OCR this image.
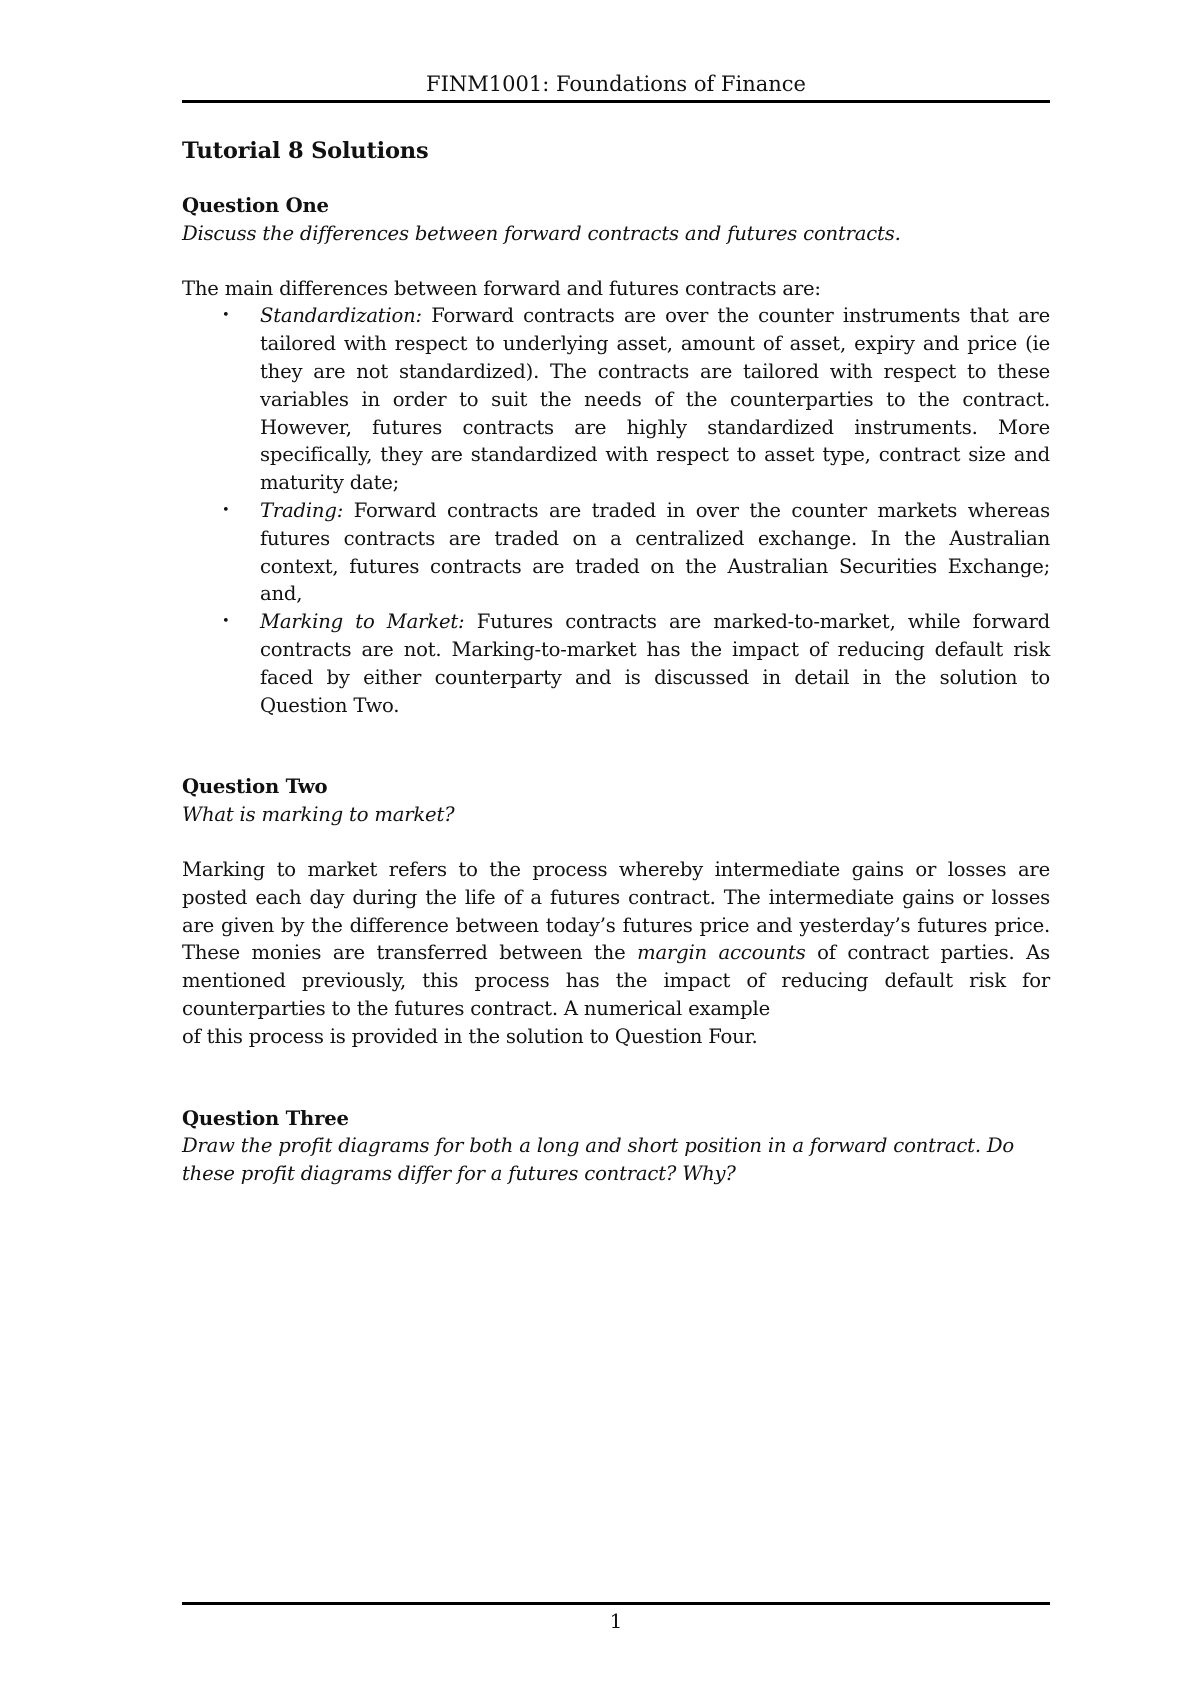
FINM1001: Foundations of Finance
Tutorial 8 Solutions

Question One

Discuss the differences between forward contracts and futures contracts.

The main differences between forward and futures contracts are:

• Standardization: Forward contracts are over the counter instruments that are tailored with respect to underlying asset, amount of asset, expiry and price (ie they are not standardized). The contracts are tailored with respect to these variables in order to suit the needs of the counterparties to the contract. However, futures contracts are highly standardized instruments. More specifically, they are standardized with respect to asset type, contract size and maturity date;
• Trading: Forward contracts are traded in over the counter markets whereas futures contracts are traded on a centralized exchange. In the Australian context, futures contracts are traded on the Australian Securities Exchange; and,
• Marking to Market: Futures contracts are marked-to-market, while forward contracts are not. Marking-to-market has the impact of reducing default risk faced by either counterparty and is discussed in detail in the solution to Question Two.

Question Two

What is marking to market?

Marking to market refers to the process whereby intermediate gains or losses are posted each day during the life of a futures contract. The intermediate gains or losses are given by the difference between today’s futures price and yesterday’s futures price. These monies are transferred between the margin accounts of contract parties. As mentioned previously, this process has the impact of reducing default risk for counterparties to the futures contract. A numerical example

of this process is provided in the solution to Question Four.

Question Three

Draw the profit diagrams for both a long and short position in a forward contract. Do these profit diagrams differ for a futures contract? Why?

1
